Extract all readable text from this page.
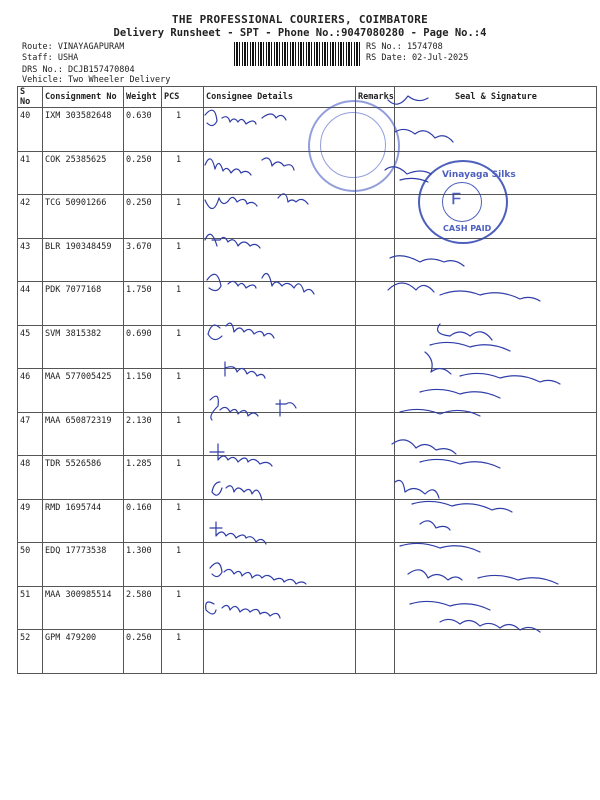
THE PROFESSIONAL COURIERS, COIMBATORE
Delivery Runsheet - SPT - Phone No.:9047080280 - Page No.:4
Route: VINAYAGAPURAM
Staff: USHA
DRS No.: DCJB157470804
Vehicle: Two Wheeler Delivery
RS No.: 1574708
RS Date: 02-Jul-2025
S No	Consignment No	Weight	PCS	Consignee Details	Remarks	Seal & Signature
40	IXM 303582648	0.630	1			
41	COK 25385625	0.250	1			
42	TCG 50901266	0.250	1			
43	BLR 190348459	3.670	1			
44	PDK 7077168	1.750	1			
45	SVM 3815382	0.690	1			
46	MAA 577005425	1.150	1			
47	MAA 650872319	2.130	1			
48	TDR 5526586	1.285	1			
49	RMD 1695744	0.160	1			
50	EDQ 17773538	1.300	1			
51	MAA 300985514	2.580	1			
52	GPM 479200	0.250	1			
Vinayaga Silks
CASH PAID
ᖴ
